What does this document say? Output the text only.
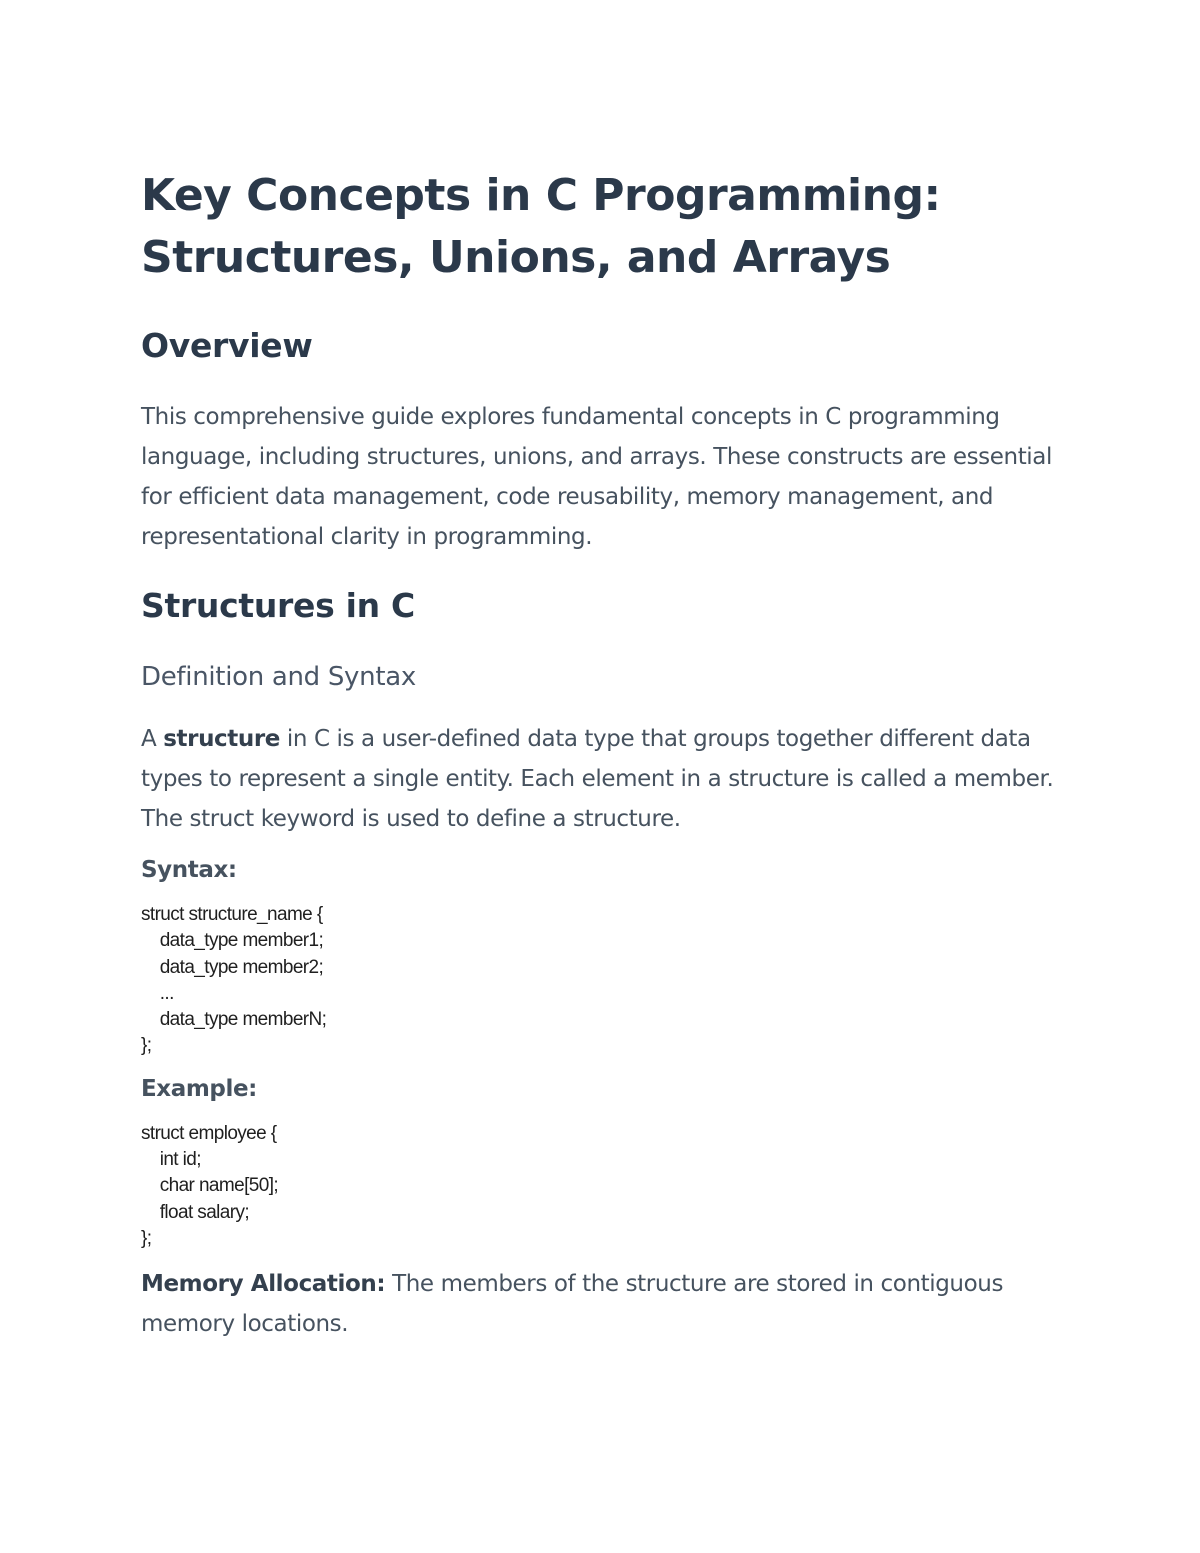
Key Concepts in C Programming: Structures, Unions, and Arrays
Overview

This comprehensive guide explores fundamental concepts in C programming language, including structures, unions, and arrays. These constructs are essential for efficient data management, code reusability, memory management, and representational clarity in programming.

Structures in C
Definition and Syntax

A structure in C is a user-defined data type that groups together different data types to represent a single entity. Each element in a structure is called a member. The struct keyword is used to define a structure.

Syntax:

struct structure_name {
data_type member1;
data_type member2;
...
data_type memberN;
};

Example:

struct employee {
int id;
char name[50];
float salary;
};

Memory Allocation: The members of the structure are stored in contiguous memory locations.
